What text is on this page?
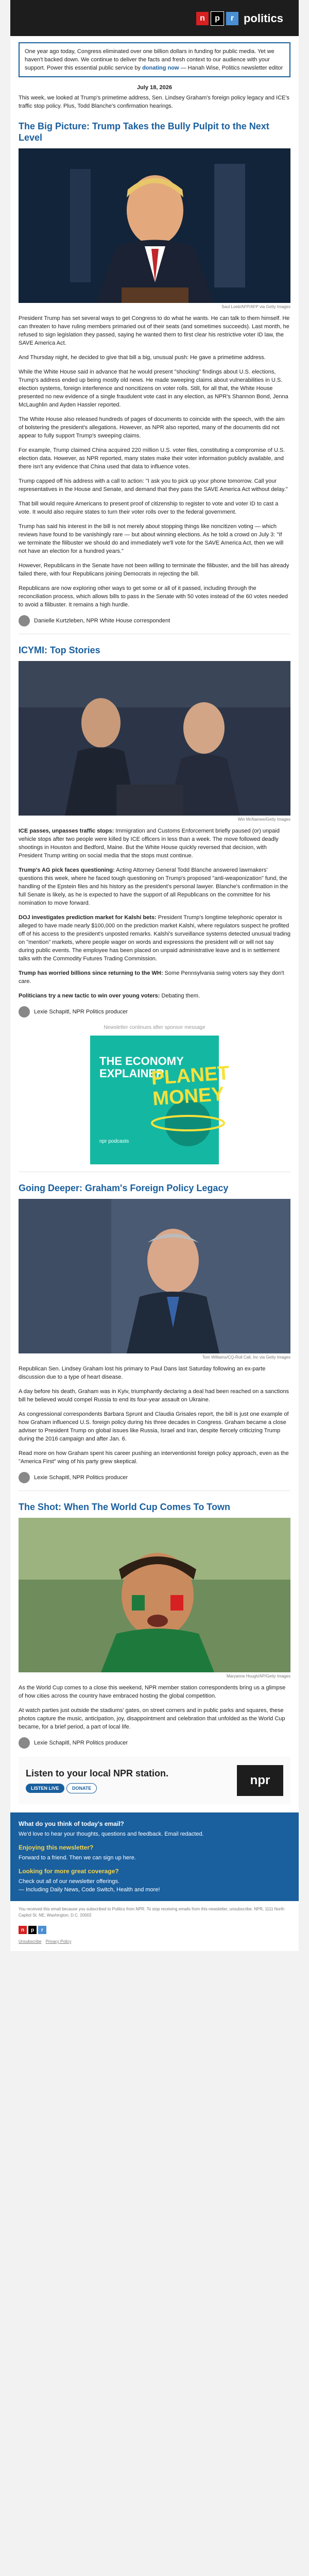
n	p	r politics
One year ago today, Congress eliminated over one billion dollars in funding for public media. Yet we haven't backed down. We continue to deliver the facts and fresh context to our audience with your support. Power this essential public service by donating now — Hanah Wise, Politics newsletter editor
July 18, 2026

This week, we looked at Trump's primetime address, Sen. Lindsey Graham's foreign policy legacy and ICE's traffic stop policy. Plus, Todd Blanche's confirmation hearings.

The Big Picture: Trump Takes the Bully Pulpit to the Next Level
Saul Loeb/AFP/AFP via Getty Images

President Trump has set several ways to get Congress to do what he wants. He can talk to them himself. He can threaten to have ruling members primaried out of their seats (and sometimes succeeds). Last month, he refused to sign legislation they passed, saying he wanted them to first clear his restrictive voter ID law, the SAVE America Act.

And Thursday night, he decided to give that bill a big, unusual push: He gave a primetime address.

While the White House said in advance that he would present "shocking" findings about U.S. elections, Trump's address ended up being mostly old news. He made sweeping claims about vulnerabilities in U.S. election systems, foreign interference and noncitizens on voter rolls. Still, for all that, the White House presented no new evidence of a single fraudulent vote cast in any election, as NPR's Shannon Bond, Jenna McLaughlin and Ayden Hassler reported.

The White House also released hundreds of pages of documents to coincide with the speech, with the aim of bolstering the president's allegations. However, as NPR also reported, many of the documents did not appear to fully support Trump's sweeping claims.

For example, Trump claimed China acquired 220 million U.S. voter files, constituting a compromise of U.S. election data. However, as NPR reported, many states make their voter information publicly available, and there isn't any evidence that China used that data to influence votes.

Trump capped off his address with a call to action: "I ask you to pick up your phone tomorrow. Call your representatives in the House and Senate, and demand that they pass the SAVE America Act without delay."

That bill would require Americans to present proof of citizenship to register to vote and voter ID to cast a vote. It would also require states to turn their voter rolls over to the federal government.

Trump has said his interest in the bill is not merely about stopping things like noncitizen voting — which reviews have found to be vanishingly rare — but about winning elections. As he told a crowd on July 3: "If we terminate the filibuster we should do and immediately we'll vote for the SAVE America Act, then we will not have an election for a hundred years."

However, Republicans in the Senate have not been willing to terminate the filibuster, and the bill has already failed there, with four Republicans joining Democrats in rejecting the bill.

Republicans are now exploring other ways to get some or all of it passed, including through the reconciliation process, which allows bills to pass in the Senate with 50 votes instead of the 60 votes needed to avoid a filibuster. It remains a high hurdle.

Danielle Kurtzleben, NPR White House correspondent
ICYMI: Top Stories
Win McNamee/Getty Images

ICE passes, unpasses traffic stops: Immigration and Customs Enforcement briefly paused (or) unpaid vehicle stops after two people were killed by ICE officers in less than a week. The move followed deadly shootings in Houston and Bedford, Maine. But the White House quickly reversed that decision, with President Trump writing on social media that the stops must continue.

Trump's AG pick faces questioning: Acting Attorney General Todd Blanche answered lawmakers' questions this week, where he faced tough questioning on Trump's proposed "anti-weaponization" fund, the handling of the Epstein files and his history as the president's personal lawyer. Blanche's confirmation in the full Senate is likely, as he is expected to have the support of all Republicans on the committee for his nomination to move forward.

DOJ investigates prediction market for Kalshi bets: President Trump's longtime telephonic operator is alleged to have made nearly $100,000 on the prediction market Kalshi, where regulators suspect he profited off of his access to the president's unposted remarks. Kalshi's surveillance systems detected unusual trading on "mention" markets, where people wager on words and expressions the president will or will not say during public events. The employee has been placed on unpaid administrative leave and is in settlement talks with the Commodity Futures Trading Commission.

Trump has worried billions since returning to the WH: Some Pennsylvania swing voters say they don't care.

Politicians try a new tactic to win over young voters: Debating them.

Lexie Schapitl, NPR Politics producer
Newsletter continues after sponsor message
THE ECONOMY EXPLAINER
PLANET MONEY
npr podcasts
Going Deeper: Graham's Foreign Policy Legacy
Tom Williams/CQ-Roll Call, Inc via Getty Images

Republican Sen. Lindsey Graham lost his primary to Paul Dans last Saturday following an ex-parte discussion due to a type of heart disease.

A day before his death, Graham was in Kyiv, triumphantly declaring a deal had been reached on a sanctions bill he believed would compel Russia to end its four-year assault on Ukraine.

As congressional correspondents Barbara Sprunt and Claudia Grisales report, the bill is just one example of how Graham influenced U.S. foreign policy during his three decades in Congress. Graham became a close adviser to President Trump on global issues like Russia, Israel and Iran, despite fiercely criticizing Trump during the 2016 campaign and after Jan. 6.

Read more on how Graham spent his career pushing an interventionist foreign policy approach, even as the "America First" wing of his party grew skeptical.

Lexie Schapitl, NPR Politics producer
The Shot: When The World Cup Comes To Town
Maryanne Hough/AP/Getty Images

As the World Cup comes to a close this weekend, NPR member station correspondents bring us a glimpse of how cities across the country have embraced hosting the global competition.

At watch parties just outside the stadiums' gates, on street corners and in public parks and squares, these photos capture the music, anticipation, joy, disappointment and celebration that unfolded as the World Cup became, for a brief period, a part of local life.

Lexie Schapitl, NPR Politics producer
Listen to your local NPR station.
LISTEN LIVE	DONATE
npr
What do you think of today's email?
We'd love to hear your thoughts, questions and feedback. Email redacted.
Enjoying this newsletter?
Forward to a friend. Then we can sign up here.
Looking for more great coverage?
Check out all of our newsletter offerings.
— Including Daily News, Code Switch, Health and more!
You received this email because you subscribed to Politics from NPR. To stop receiving emails from this newsletter, unsubscribe. NPR, 1111 North Capitol St. NE, Washington, D.C. 20002
n	p	r
Unsubscribe Privacy Policy
